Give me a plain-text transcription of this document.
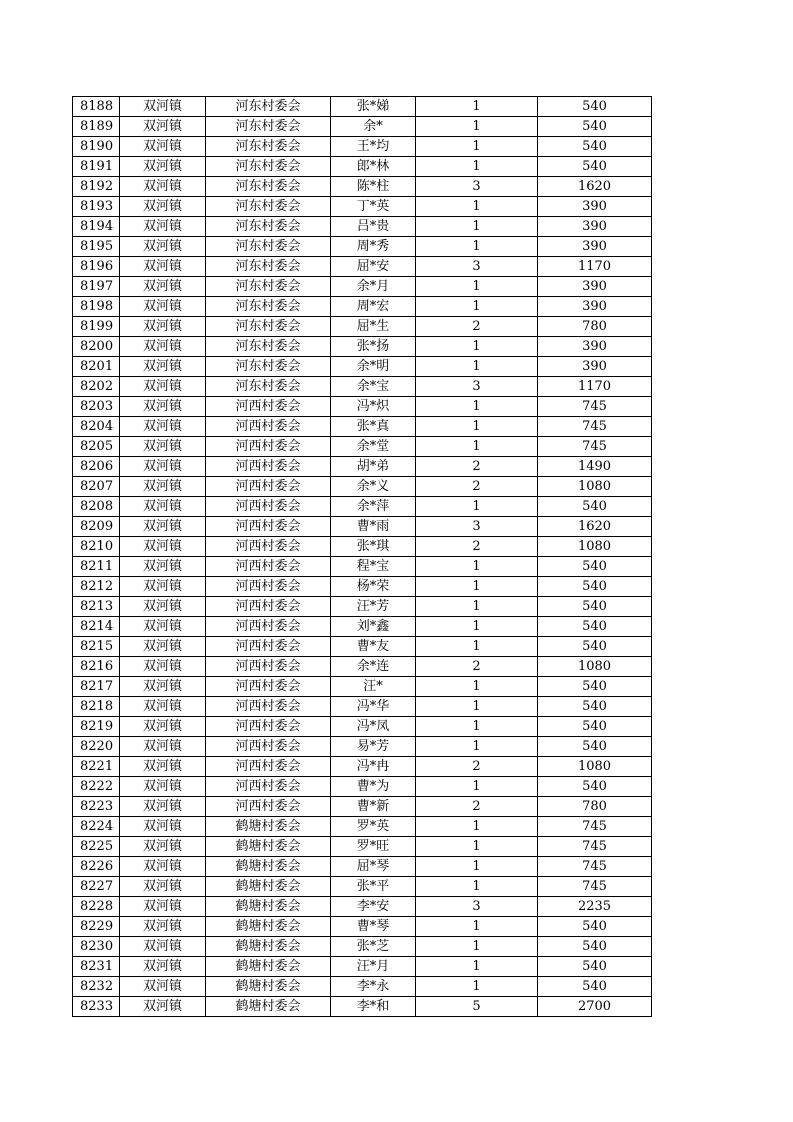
8188	双河镇	河东村委会	张*娣	1	540
8189	双河镇	河东村委会	余*	1	540
8190	双河镇	河东村委会	王*均	1	540
8191	双河镇	河东村委会	郎*林	1	540
8192	双河镇	河东村委会	陈*柱	3	1620
8193	双河镇	河东村委会	丁*英	1	390
8194	双河镇	河东村委会	吕*贵	1	390
8195	双河镇	河东村委会	周*秀	1	390
8196	双河镇	河东村委会	屈*安	3	1170
8197	双河镇	河东村委会	余*月	1	390
8198	双河镇	河东村委会	周*宏	1	390
8199	双河镇	河东村委会	屈*生	2	780
8200	双河镇	河东村委会	张*扬	1	390
8201	双河镇	河东村委会	余*明	1	390
8202	双河镇	河东村委会	余*宝	3	1170
8203	双河镇	河西村委会	冯*炽	1	745
8204	双河镇	河西村委会	张*真	1	745
8205	双河镇	河西村委会	余*堂	1	745
8206	双河镇	河西村委会	胡*弟	2	1490
8207	双河镇	河西村委会	余*义	2	1080
8208	双河镇	河西村委会	余*萍	1	540
8209	双河镇	河西村委会	曹*雨	3	1620
8210	双河镇	河西村委会	张*琪	2	1080
8211	双河镇	河西村委会	程*宝	1	540
8212	双河镇	河西村委会	杨*荣	1	540
8213	双河镇	河西村委会	汪*芳	1	540
8214	双河镇	河西村委会	刘*鑫	1	540
8215	双河镇	河西村委会	曹*友	1	540
8216	双河镇	河西村委会	余*连	2	1080
8217	双河镇	河西村委会	汪*	1	540
8218	双河镇	河西村委会	冯*华	1	540
8219	双河镇	河西村委会	冯*凤	1	540
8220	双河镇	河西村委会	易*芳	1	540
8221	双河镇	河西村委会	冯*冉	2	1080
8222	双河镇	河西村委会	曹*为	1	540
8223	双河镇	河西村委会	曹*新	2	780
8224	双河镇	鹤塘村委会	罗*英	1	745
8225	双河镇	鹤塘村委会	罗*旺	1	745
8226	双河镇	鹤塘村委会	屈*琴	1	745
8227	双河镇	鹤塘村委会	张*平	1	745
8228	双河镇	鹤塘村委会	李*安	3	2235
8229	双河镇	鹤塘村委会	曹*琴	1	540
8230	双河镇	鹤塘村委会	张*芝	1	540
8231	双河镇	鹤塘村委会	汪*月	1	540
8232	双河镇	鹤塘村委会	李*永	1	540
8233	双河镇	鹤塘村委会	李*和	5	2700
